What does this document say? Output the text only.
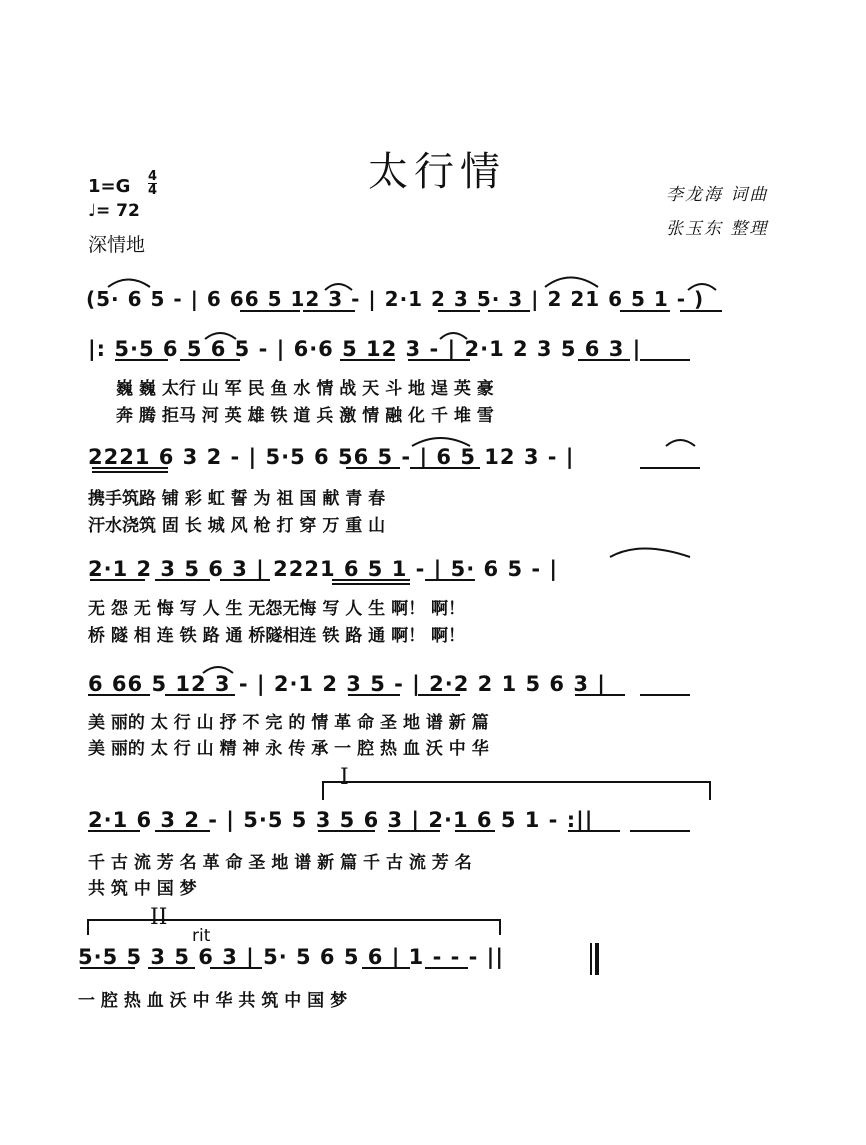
太行情
$1=G \frac{4}{4}$
♩= 72
深情地
李龙海 词曲
张玉东 整理
(5· 6 5 - | 6 66 5 12 3 - | 2·1 2 3 5· 3 | 2 21 6 5 1 - )
|: 5·5 6 5 6 5 - | 6·6 5 12 3 - | 2·1 2 3 5 6 3 |
巍 巍 太行 山 军 民 鱼 水 情 战 天 斗 地 逞 英 豪
奔 腾 拒马 河 英 雄 铁 道 兵 激 情 融 化 千 堆 雪
2221 6 3 2 - | 5·5 6 56 5 - | 6 5 12 3 - |
携手筑路 铺 彩 虹 誓 为 祖 国 献 青 春
汗水浇筑 固 长 城 风 枪 打 穿 万 重 山
2·1 2 3 5 6 3 | 2221 6 5 1 - | 5· 6 5 - |
无 怨 无 悔 写 人 生 无怨无悔 写 人 生 啊！ 啊！
桥 隧 相 连 铁 路 通 桥隧相连 铁 路 通 啊！ 啊！
6 66 5 12 3 - | 2·1 2 3 5 - | 2·2 2 1 5 6 3 |
美 丽的 太 行 山 抒 不 完 的 情 革 命 圣 地 谱 新 篇
美 丽的 太 行 山 精 神 永 传 承 一 腔 热 血 沃 中 华
I
2·1 6 3 2 - | 5·5 5 3 5 6 3 | 2·1 6 5 1 - :||
千 古 流 芳 名 革 命 圣 地 谱 新 篇 千 古 流 芳 名
共 筑 中 国 梦
II
rit
5·5 5 3 5 6 3 | 5· 5 6 5 6 | 1 - - - ||
一 腔 热 血 沃 中 华 共 筑 中 国 梦
